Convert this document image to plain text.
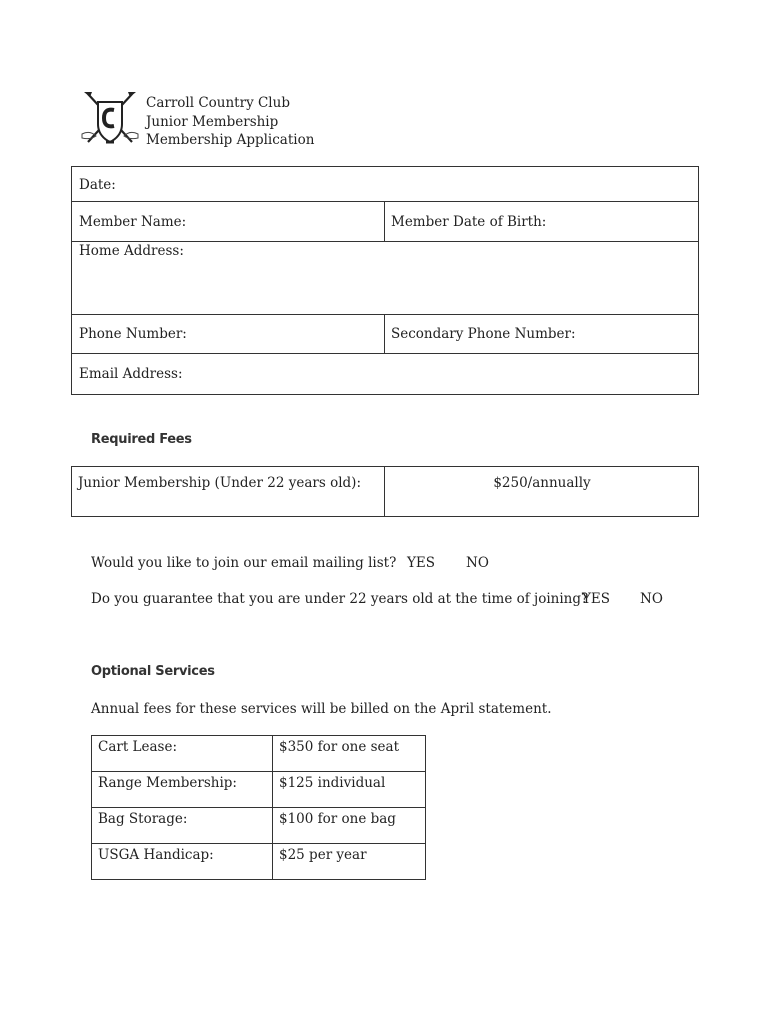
Carroll Country Club
Junior Membership
Membership Application
Date:
Member Name:	Member Date of Birth:
Home Address:
Phone Number:	Secondary Phone Number:
Email Address:
Required Fees
Junior Membership (Under 22 years old):	$250/annually
Would you like to join our email mailing list? YES NO
Do you guarantee that you are under 22 years old at the time of joining?
YES NO
Optional Services
Annual fees for these services will be billed on the April statement.
Cart Lease:	$350 for one seat
Range Membership:	$125 individual
Bag Storage:	$100 for one bag
USGA Handicap:	$25 per year
